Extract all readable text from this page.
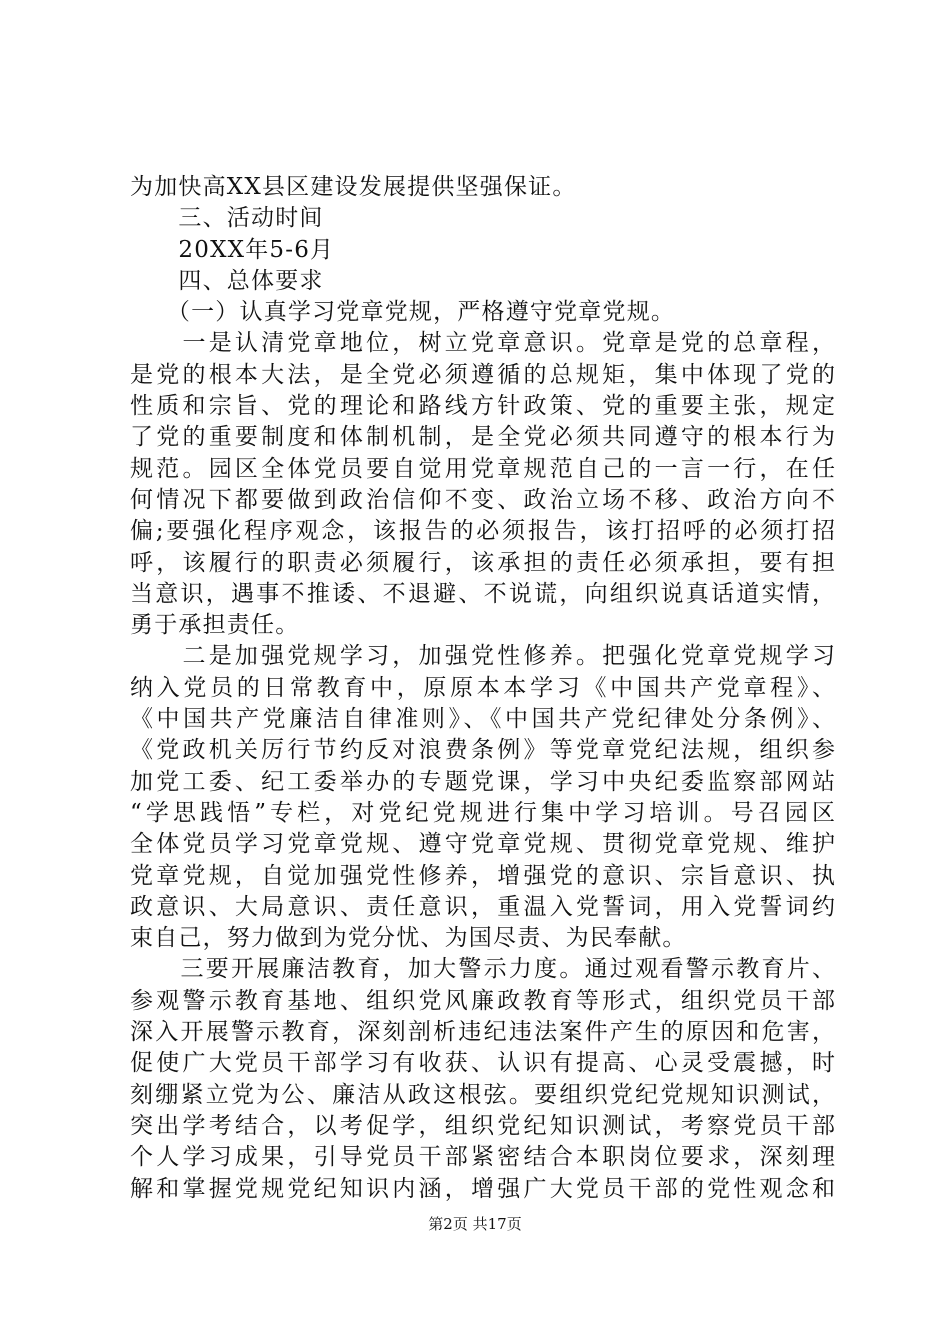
为加快高XX县区建设发展提供坚强保证。
　　三、活动时间
　　20XX年5-6月
　　四、总体要求
　　（一）认真学习党章党规，严格遵守党章党规。
　　一是认清党章地位，树立党章意识。党章是党的总章程，
是党的根本大法，是全党必须遵循的总规矩，集中体现了党的
性质和宗旨、党的理论和路线方针政策、党的重要主张，规定
了党的重要制度和体制机制，是全党必须共同遵守的根本行为
规范。园区全体党员要自觉用党章规范自己的一言一行，在任
何情况下都要做到政治信仰不变、政治立场不移、政治方向不
偏;要强化程序观念，该报告的必须报告，该打招呼的必须打招
呼，该履行的职责必须履行，该承担的责任必须承担，要有担
当意识，遇事不推诿、不退避、不说谎，向组织说真话道实情，
勇于承担责任。
　　二是加强党规学习，加强党性修养。把强化党章党规学习
纳入党员的日常教育中，原原本本学习《中国共产党章程》、
《中国共产党廉洁自律准则》、《中国共产党纪律处分条例》、
《党政机关厉行节约反对浪费条例》等党章党纪法规，组织参
加党工委、纪工委举办的专题党课，学习中央纪委监察部网站
“学思践悟”专栏，对党纪党规进行集中学习培训。号召园区
全体党员学习党章党规、遵守党章党规、贯彻党章党规、维护
党章党规，自觉加强党性修养，增强党的意识、宗旨意识、执
政意识、大局意识、责任意识，重温入党誓词，用入党誓词约
束自己，努力做到为党分忧、为国尽责、为民奉献。
　　三要开展廉洁教育，加大警示力度。通过观看警示教育片、
参观警示教育基地、组织党风廉政教育等形式，组织党员干部
深入开展警示教育，深刻剖析违纪违法案件产生的原因和危害，
促使广大党员干部学习有收获、认识有提高、心灵受震撼，时
刻绷紧立党为公、廉洁从政这根弦。要组织党纪党规知识测试，
突出学考结合，以考促学，组织党纪知识测试，考察党员干部
个人学习成果，引导党员干部紧密结合本职岗位要求，深刻理
解和掌握党规党纪知识内涵，增强广大党员干部的党性观念和
第2页 共17页
